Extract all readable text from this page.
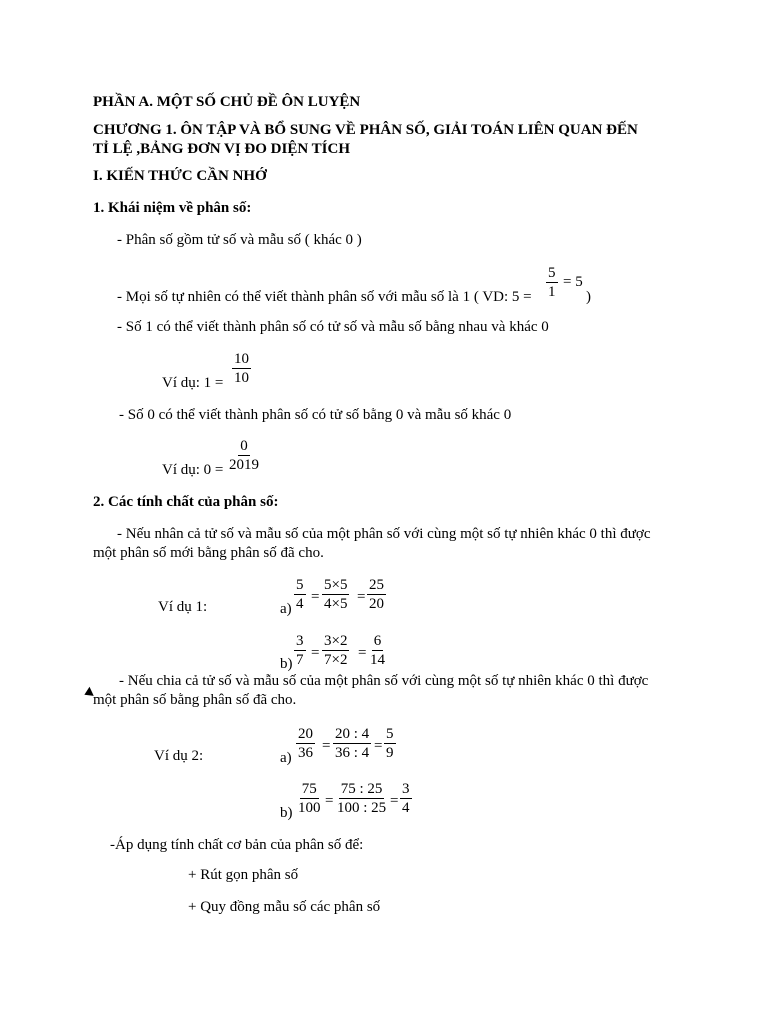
PHẦN A. MỘT SỐ CHỦ ĐỀ ÔN LUYỆN
CHƯƠNG 1. ÔN TẬP VÀ BỔ SUNG VỀ PHÂN SỐ, GIẢI TOÁN LIÊN QUAN ĐẾN
TỈ LỆ ,BẢNG ĐƠN VỊ ĐO DIỆN TÍCH
I. KIẾN THỨC CẦN NHỚ
1. Khái niệm về phân số:
- Phân số gồm tử số và mẫu số ( khác 0 )
- Mọi số tự nhiên có thể viết thành phân số với mẫu số là 1 ( VD: $5 = \frac{5}{1} = 5$
)
- Số 1 có thể viết thành phân số có tử số và mẫu số bằng nhau và khác 0
Ví dụ: $1 = \frac{10}{10}$
- Số 0 có thể viết thành phân số có tử số bằng 0 và mẫu số khác 0
Ví dụ: $0 = \frac{0}{2019}$
2. Các tính chất của phân số:
- Nếu nhân cả tử số và mẫu số của một phân số với cùng một số tự nhiên khác 0 thì được
một phân số mới bằng phân số đã cho.
Ví dụ 1:	$a) \frac{5}{4} = \frac{5\times 5}{4\times 5} = \frac{25}{20}$
$b) \frac{3}{7} = \frac{3\times 2}{7\times 2} = \frac{6}{14}$
- Nếu chia cả tử số và mẫu số của một phân số với cùng một số tự nhiên khác 0 thì được
một phân số bằng phân số đã cho.
Ví dụ 2:	$a) \frac{20}{36} = \frac{20 : 4}{36 : 4} = \frac{5}{9}$
$b) \frac{75}{100} = \frac{75 : 25}{100 : 25} = \frac{3}{4}$
-Áp dụng tính chất cơ bản của phân số để:
+ Rút gọn phân số
+ Quy đồng mẫu số các phân số
